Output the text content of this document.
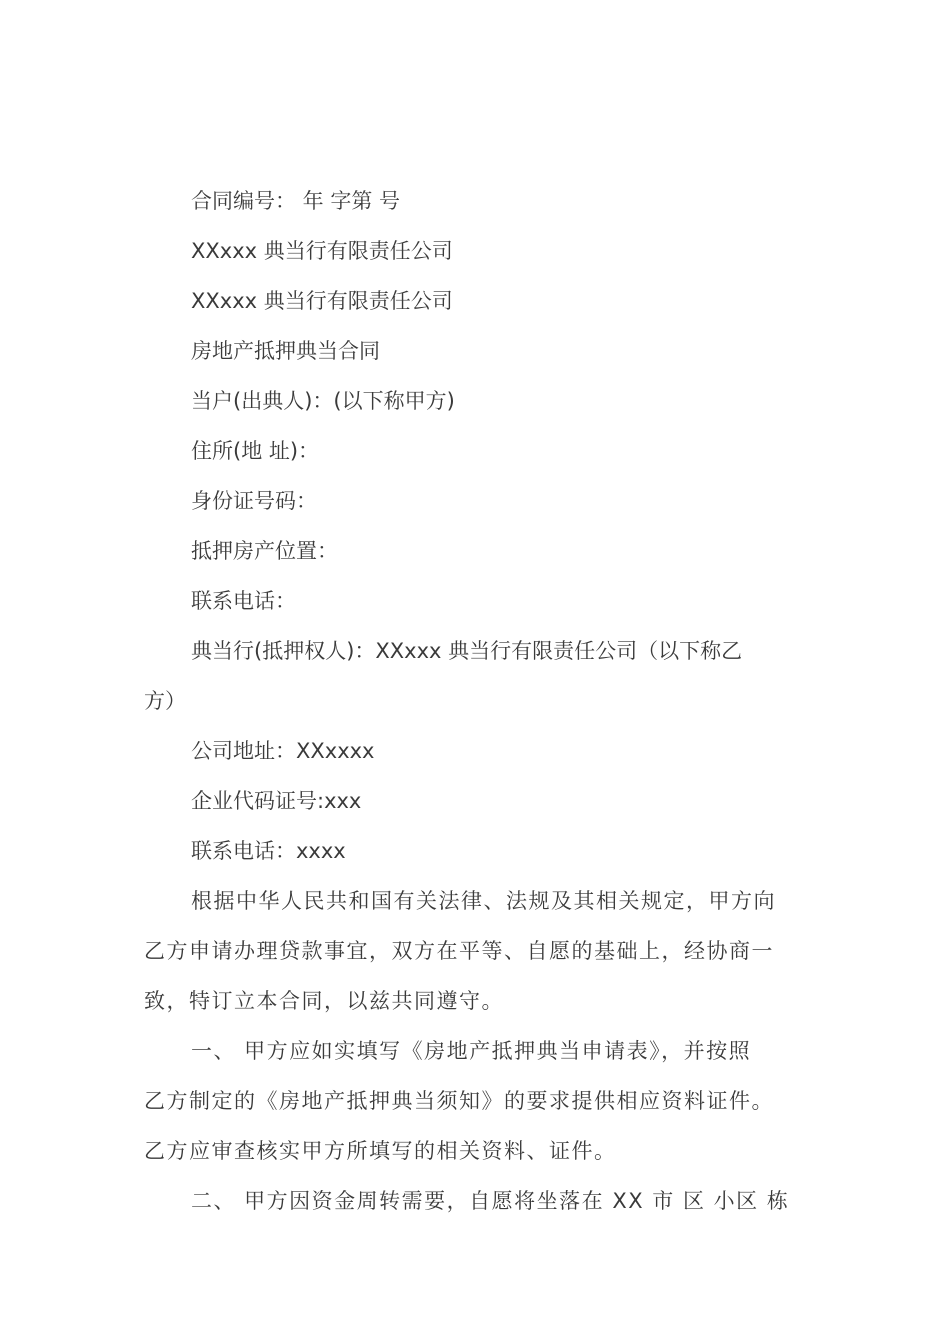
合同编号： 年 字第 号
XXxxx 典当行有限责任公司
XXxxx 典当行有限责任公司
房地产抵押典当合同
当户(出典人)：(以下称甲方)
住所(地 址)：
身份证号码：
抵押房产位置：
联系电话：
典当行(抵押权人)：XXxxx 典当行有限责任公司（以下称乙
方）
公司地址：XXxxxx
企业代码证号:xxx
联系电话：xxxx
根据中华人民共和国有关法律、法规及其相关规定，甲方向
乙方申请办理贷款事宜，双方在平等、自愿的基础上，经协商一
致，特订立本合同，以兹共同遵守。
一、 甲方应如实填写《房地产抵押典当申请表》，并按照
乙方制定的《房地产抵押典当须知》的要求提供相应资料证件。
乙方应审查核实甲方所填写的相关资料、证件。
二、 甲方因资金周转需要，自愿将坐落在 XX 市 区 小区 栋
